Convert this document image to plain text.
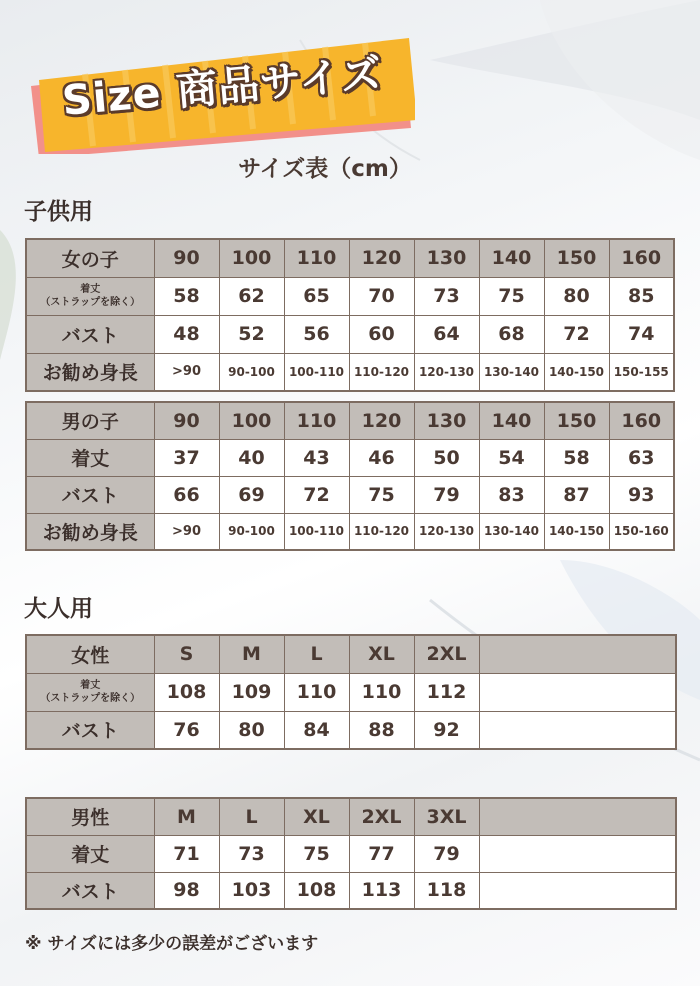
Size 商品サイズ
サイズ表（cm）
子供用
女の子	90	100	110	120	130	140	150	160

着丈
（ストラップを除く）	58	62	65	70	73	75	80	85
バスト	48	52	56	60	64	68	72	74
お勧め身長	>90	90-100	100-110	110-120	120-130	130-140	140-150	150-155
男の子	90	100	110	120	130	140	150	160
着丈	37	40	43	46	50	54	58	63
バスト	66	69	72	75	79	83	87	93
お勧め身長	>90	90-100	100-110	110-120	120-130	130-140	140-150	150-160
大人用
女性	S	M	L	XL	2XL	

着丈
（ストラップを除く）	108	109	110	110	112	
バスト	76	80	84	88	92	
男性	M	L	XL	2XL	3XL	
着丈	71	73	75	77	79	
バスト	98	103	108	113	118	
※ サイズには多少の誤差がございます
